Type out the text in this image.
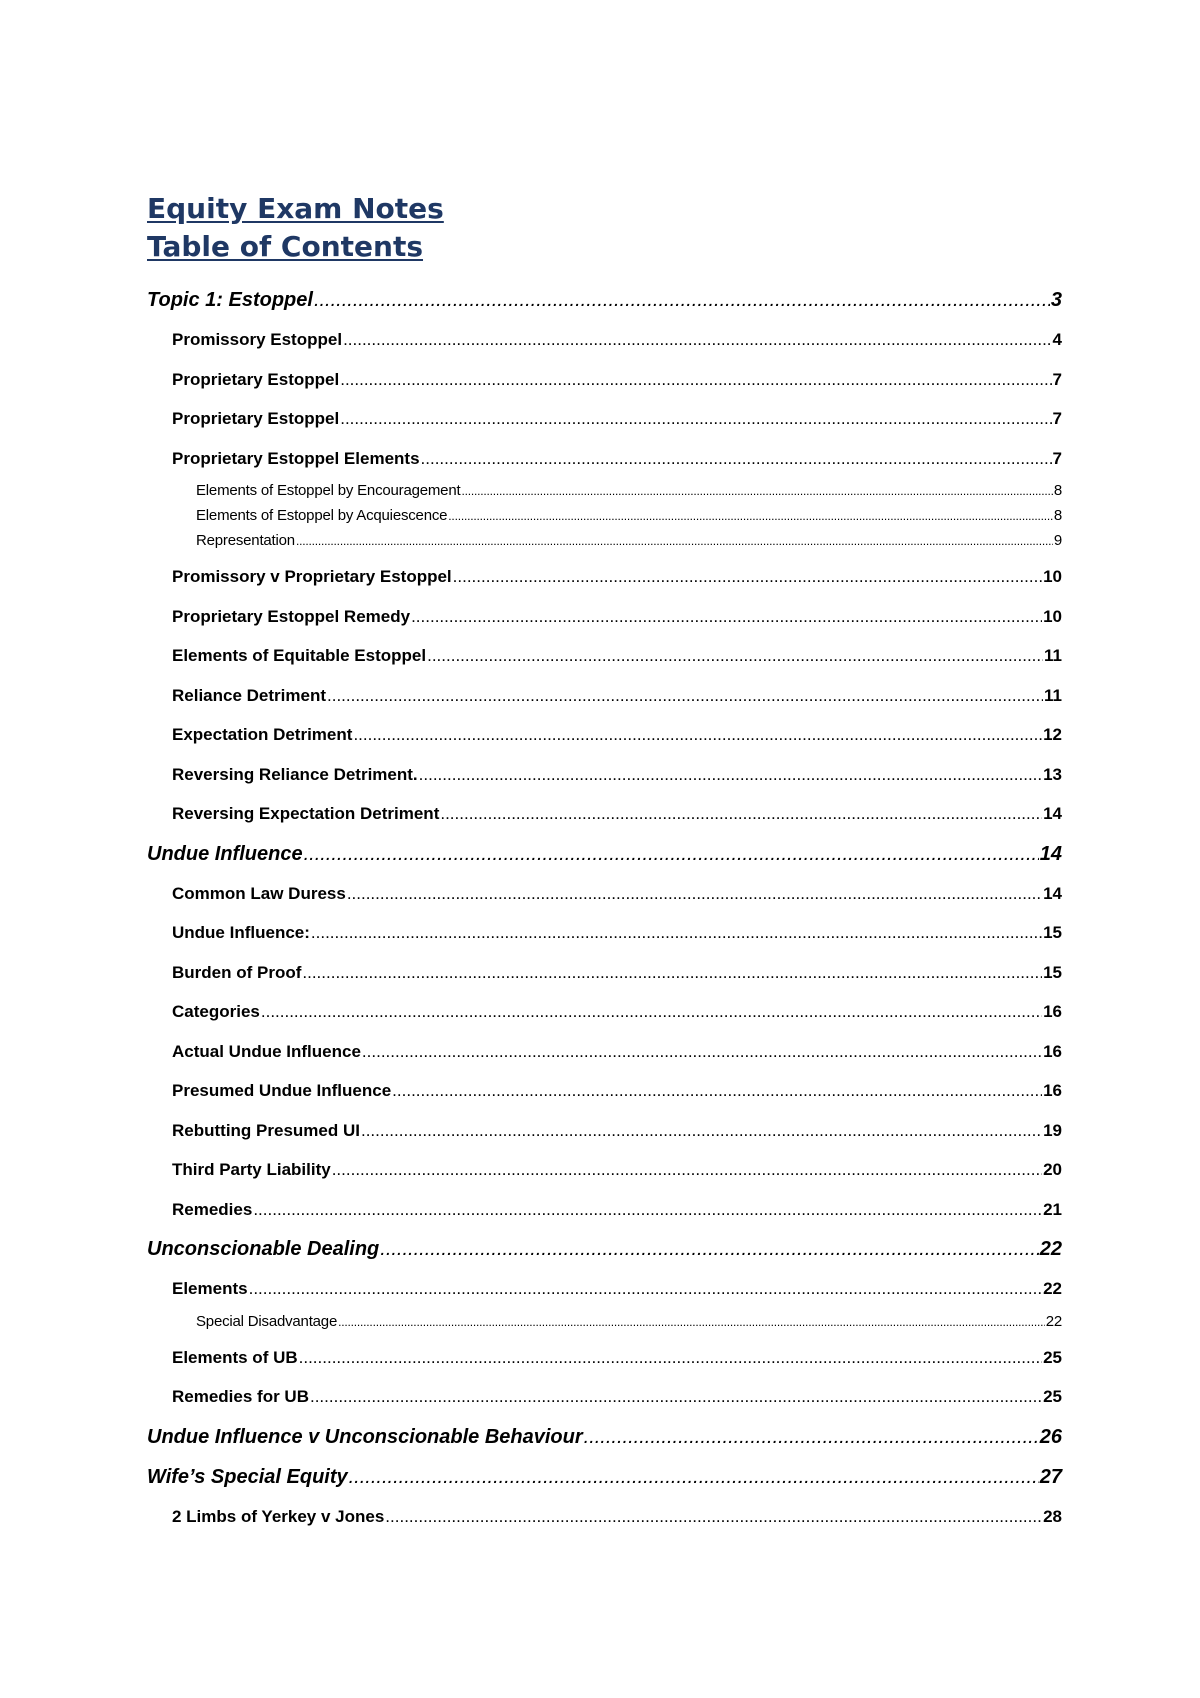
Equity Exam Notes
Table of Contents
Topic 1: Estoppel .....	3
Promissory Estoppel .....	4
Proprietary Estoppel .....	7
Proprietary Estoppel .....	7
Proprietary Estoppel Elements .....	7
Elements of Estoppel by Encouragement .....	8
Elements of Estoppel by Acquiescence .....	8
Representation .....	9
Promissory v Proprietary Estoppel .....	10
Proprietary Estoppel Remedy .....	10
Elements of Equitable Estoppel .....	11
Reliance Detriment .....	11
Expectation Detriment .....	12
Reversing Reliance Detriment. .....	13
Reversing Expectation Detriment .....	14
Undue Influence .....	14
Common Law Duress .....	14
Undue Influence: .....	15
Burden of Proof .....	15
Categories .....	16
Actual Undue Influence .....	16
Presumed Undue Influence .....	16
Rebutting Presumed UI .....	19
Third Party Liability .....	20
Remedies .....	21
Unconscionable Dealing .....	22
Elements .....	22
Special Disadvantage .....	22
Elements of UB .....	25
Remedies for UB .....	25
Undue Influence v Unconscionable Behaviour .....	26
Wife’s Special Equity .....	27
2 Limbs of Yerkey v Jones .....	28
